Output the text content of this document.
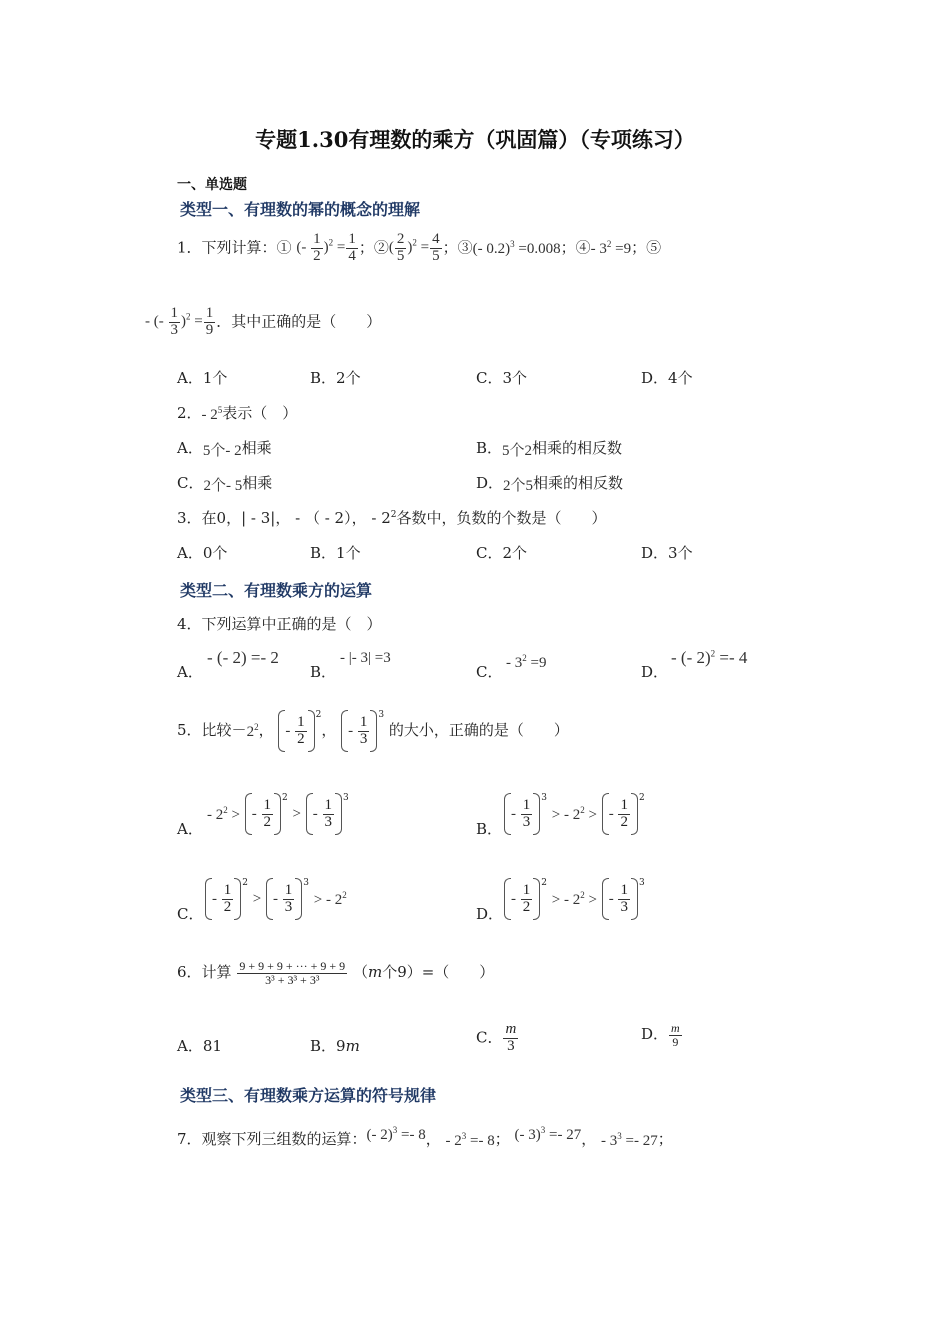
专题1.30有理数的乘方（巩固篇）（专项练习）
一、单选题
类型一、有理数的幂的概念的理解
1．下列计算：① (- $\frac{1}{2} )^2 = \frac{1}{4}$ ；②( $\frac{2}{5} )^2 = \frac{4}{5}$ ；③(- 0.2)$^3$ =0.008；④- $3^2 =9$；⑤
- (- $\frac{1}{3} )^2 = \frac{1}{9}$ ．其中正确的是（　　）
A．1个	B．2个	C．3个	D．4个
2．- $2^5$表示（　）
A．5个- 2相乘	B．5个2相乘的相反数
C．2个- 5相乘	D．2个5相乘的相反数
3．在0，| - 3|， - （ - 2）， - $2^2$各数中，负数的个数是（　　）
A．0个	B．1个	C．2个	D．3个
类型二、有理数乘方的运算
4．下列运算中正确的是（　）
A．
- (- 2) =- 2
B．
- |- 3| =3
C． - $3^2 =9$	D．
- (- 2)$^2$ =- 4
5．比较$-2^2$， - $\frac{1}{2} ^2$
， - $\frac{1}{3} ^3$
的大小，正确的是（　　）
A．
- $2^2$ > - $\frac{1}{2} ^2$
> - $\frac{1}{3} ^3$
B．
- $\frac{1}{3} ^3$
> - $2^2$ > - $\frac{1}{2} ^2$
C．
- $\frac{1}{2} ^2$
> - $\frac{1}{3} ^3$
> - $2^2$
D．
- $\frac{1}{2} ^2$
> - $2^2$ > - $\frac{1}{3} ^3$
6．计算 $\frac{9 + 9 + 9 + \cdot\cdot\cdot + 9 + 9}{\text{3³ + 3³ + 3³}} (m$个9）=（　　）
A．81	B．9m	C． $\frac{m}{3}$	D． $\frac{m}{9}$
类型三、有理数乘方运算的符号规律
7．观察下列三组数的运算：(- 2)$^3$ =- 8， - $2^3 =- 8$； (- 3)$^3$ =- 27， - $3^3 =- 27$；
